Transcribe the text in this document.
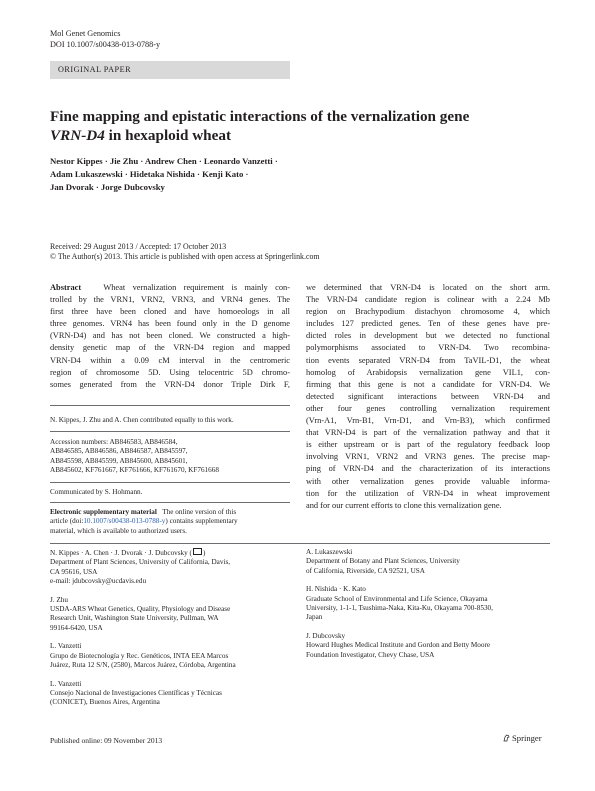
Mol Genet Genomics
DOI 10.1007/s00438-013-0788-y
ORIGINAL PAPER
Fine mapping and epistatic interactions of the vernalization gene
VRN-D4 in hexaploid wheat
Nestor Kippes · Jie Zhu · Andrew Chen · Leonardo Vanzetti ·
Adam Lukaszewski · Hidetaka Nishida · Kenji Kato ·
Jan Dvorak · Jorge Dubcovsky
Received: 29 August 2013 / Accepted: 17 October 2013
© The Author(s) 2013. This article is published with open access at Springerlink.com
Abstract	Wheat vernalization requirement is mainly con-
trolled by the VRN1, VRN2, VRN3, and VRN4 genes. The
first three have been cloned and have homoeologs in all
three genomes. VRN4 has been found only in the D genome
(VRN-D4) and has not been cloned. We constructed a high-
density genetic map of the VRN-D4 region and mapped
VRN-D4 within a 0.09 cM interval in the centromeric
region of chromosome 5D. Using telocentric 5D chromo-
somes generated from the VRN-D4 donor Triple Dirk F,
we determined that VRN-D4 is located on the short arm.
The VRN-D4 candidate region is colinear with a 2.24 Mb
region on Brachypodium distachyon chromosome 4, which
includes 127 predicted genes. Ten of these genes have pre-
dicted roles in development but we detected no functional
polymorphisms associated to VRN-D4. Two recombina-
tion events separated VRN-D4 from TaVIL-D1, the wheat
homolog of Arabidopsis vernalization gene VIL1, con-
firming that this gene is not a candidate for VRN-D4. We
detected significant interactions between VRN-D4 and
other four genes controlling vernalization requirement
(Vrn-A1, Vrn-B1, Vrn-D1, and Vrn-B3), which confirmed
that VRN-D4 is part of the vernalization pathway and that it
is either upstream or is part of the regulatory feedback loop
involving VRN1, VRN2 and VRN3 genes. The precise map-
ping of VRN-D4 and the characterization of its interactions
with other vernalization genes provide valuable informa-
tion for the utilization of VRN-D4 in wheat improvement
and for our current efforts to clone this vernalization gene.
N. Kippes, J. Zhu and A. Chen contributed equally to this work.
Accession numbers: AB846583, AB846584,
AB846585, AB846586, AB846587, AB845597,
AB845598, AB845599, AB845600, AB845601,
AB845602, KF761667, KF761666, KF761670, KF761668
Communicated by S. Hohmann.
Electronic supplementary material The online version of this
article (doi:10.1007/s00438-013-0788-y) contains supplementary
material, which is available to authorized users.
N. Kippes · A. Chen · J. Dvorak · J. Dubcovsky ( )
Department of Plant Sciences, University of California, Davis,
CA 95616, USA
e-mail: jdubcovsky@ucdavis.edu
J. Zhu
USDA-ARS Wheat Genetics, Quality, Physiology and Disease
Research Unit, Washington State University, Pullman, WA
99164-6420, USA
L. Vanzetti
Grupo de Biotecnología y Rec. Genéticos, INTA EEA Marcos
Juárez, Ruta 12 S/N, (2580), Marcos Juárez, Córdoba, Argentina
L. Vanzetti
Consejo Nacional de Investigaciones Científicas y Técnicas
(CONICET), Buenos Aires, Argentina
A. Lukaszewski
Department of Botany and Plant Sciences, University
of California, Riverside, CA 92521, USA
H. Nishida · K. Kato
Graduate School of Environmental and Life Science, Okayama
University, 1-1-1, Tsushima-Naka, Kita-Ku, Okayama 700-8530,
Japan
J. Dubcovsky
Howard Hughes Medical Institute and Gordon and Betty Moore
Foundation Investigator, Chevy Chase, USA
Published online: 09 November 2013	Springer
